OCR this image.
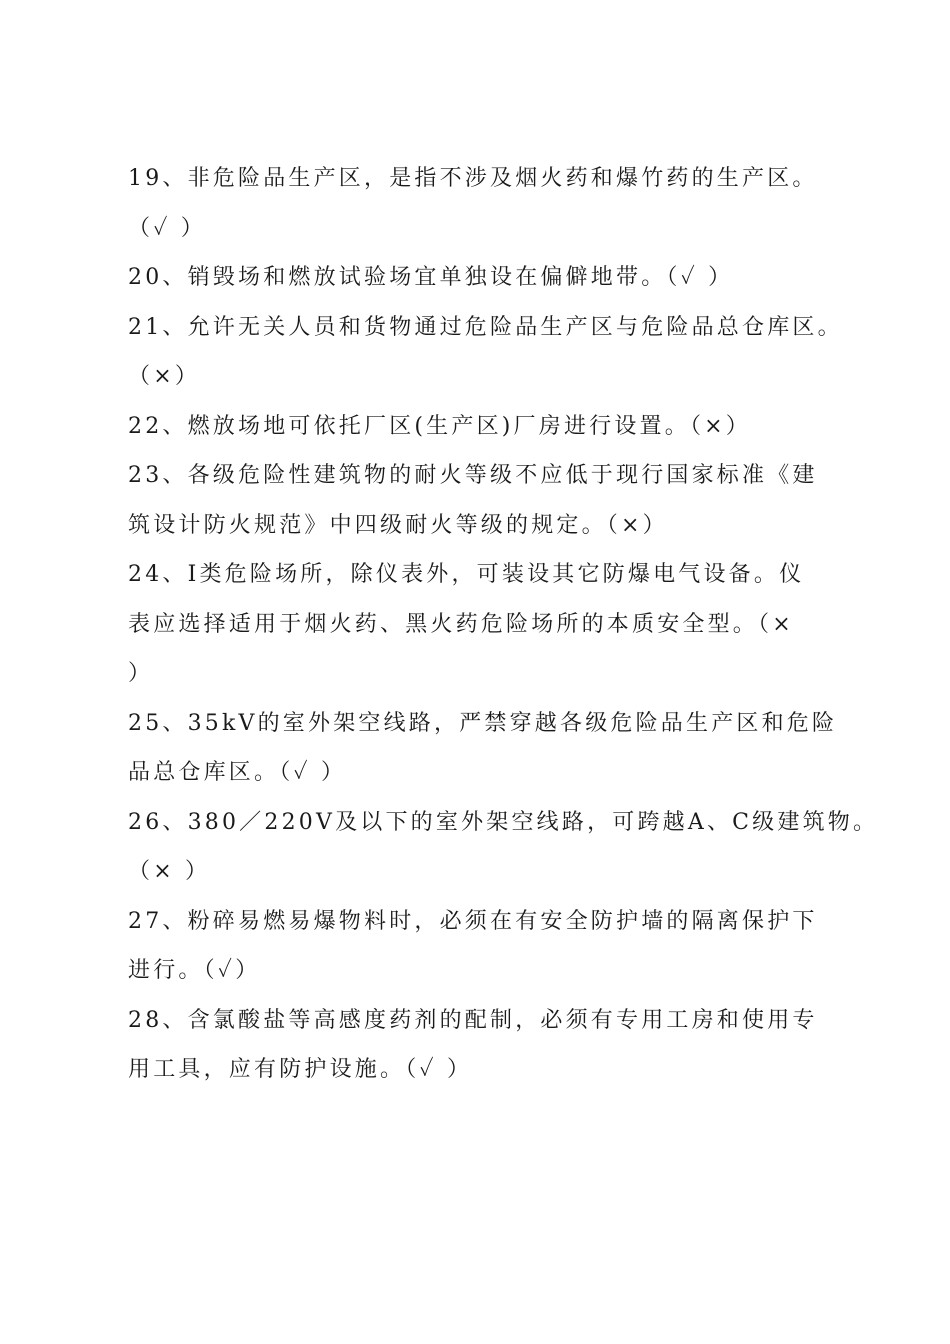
19、非危险品生产区，是指不涉及烟火药和爆竹药的生产区。
（✓ ）
20、销毁场和燃放试验场宜单独设在偏僻地带。（✓ ）
21、允许无关人员和货物通过危险品生产区与危险品总仓库区。
（×）
22、燃放场地可依托厂区(生产区)厂房进行设置。（×）
23、各级危险性建筑物的耐火等级不应低于现行国家标准《建
筑设计防火规范》中四级耐火等级的规定。（×）
24、Ⅰ类危险场所，除仪表外，可装设其它防爆电气设备。仪
表应选择适用于烟火药、黑火药危险场所的本质安全型。（×
）
25、35kV的室外架空线路，严禁穿越各级危险品生产区和危险
品总仓库区。（✓ ）
26、380／220V及以下的室外架空线路，可跨越A、C级建筑物。
（× ）
27、粉碎易燃易爆物料时，必须在有安全防护墙的隔离保护下
进行。（✓）
28、含氯酸盐等高感度药剂的配制，必须有专用工房和使用专
用工具，应有防护设施。（✓ ）
